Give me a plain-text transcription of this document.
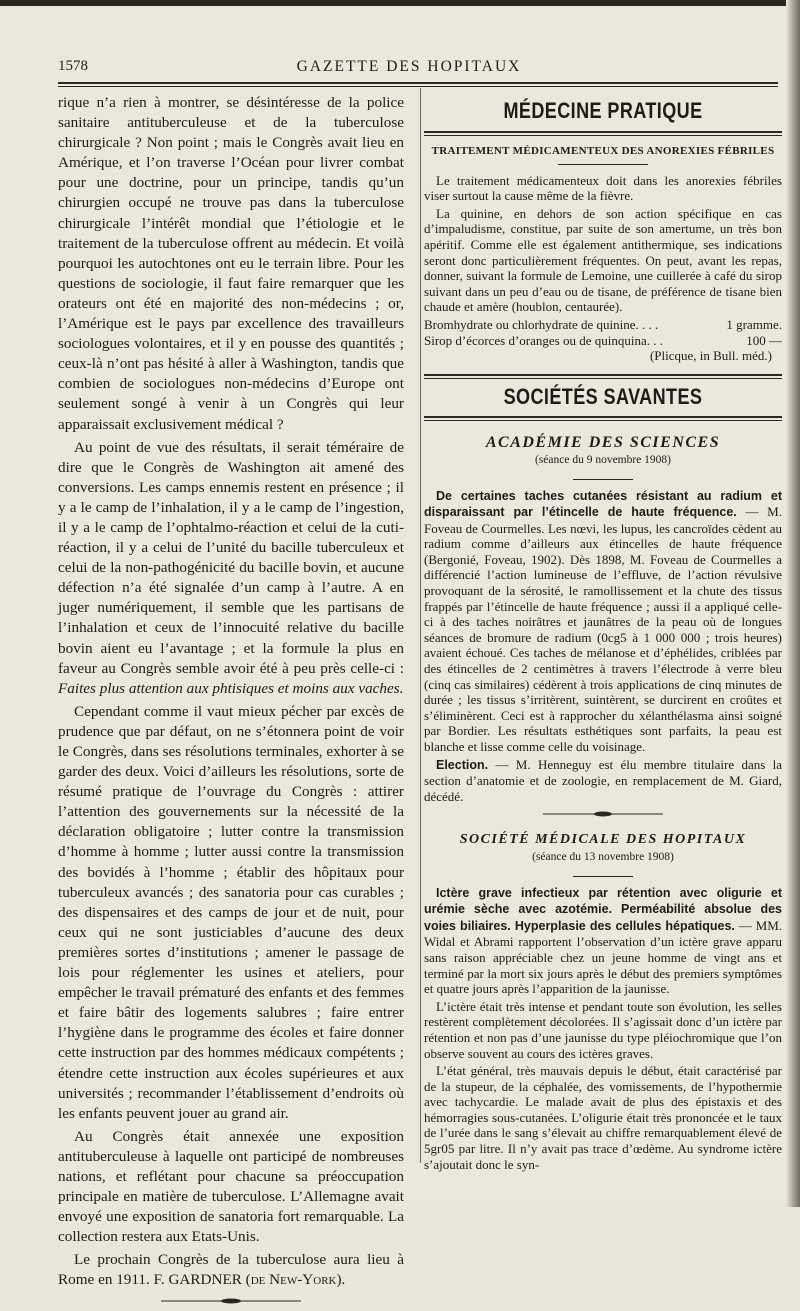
1578	GAZETTE DES HOPITAUX

rique n’a rien à montrer, se désintéresse de la police sanitaire antituberculeuse et de la tuberculose chirurgicale ? Non point ; mais le Congrès avait lieu en Amérique, et l’on traverse l’Océan pour livrer combat pour une doctrine, pour un principe, tandis qu’un chirurgien occupé ne trouve pas dans la tuberculose chirurgicale l’intérêt mondial que l’étiologie et le traitement de la tuberculose offrent au médecin. Et voilà pourquoi les autochtones ont eu le terrain libre. Pour les questions de sociologie, il faut faire remarquer que les orateurs ont été en majorité des non-médecins ; or, l’Amérique est le pays par excellence des travailleurs sociologues volontaires, et il y en pousse des quantités ; ceux-là n’ont pas hésité à aller à Washington, tandis que combien de sociologues non-médecins d’Europe ont seulement songé à venir à un Congrès qui leur apparaissait exclusivement médical ?

Au point de vue des résultats, il serait téméraire de dire que le Congrès de Washington ait amené des conversions. Les camps ennemis restent en présence ; il y a le camp de l’inhalation, il y a le camp de l’ingestion, il y a le camp de l’ophtalmo-réaction et celui de la cuti-réaction, il y a celui de l’unité du bacille tuberculeux et celui de la non-pathogénicité du bacille bovin, et aucune défection n’a été signalée d’un camp à l’autre. A en juger numériquement, il semble que les partisans de l’inhalation et ceux de l’innocuité relative du bacille bovin aient eu l’avantage ; et la formule la plus en faveur au Congrès semble avoir été à peu près celle-ci : Faites plus attention aux phtisiques et moins aux vaches.

Cependant comme il vaut mieux pécher par excès de prudence que par défaut, on ne s’étonnera point de voir le Congrès, dans ses résolutions terminales, exhorter à se garder des deux. Voici d’ailleurs les résolutions, sorte de résumé pratique de l’ouvrage du Congrès : attirer l’attention des gouvernements sur la nécessité de la déclaration obligatoire ; lutter contre la transmission d’homme à homme ; lutter aussi contre la transmission des bovidés à l’homme ; établir des hôpitaux pour tuberculeux avancés ; des sanatoria pour cas curables ; des dispensaires et des camps de jour et de nuit, pour ceux qui ne sont justiciables d’aucune des deux premières sortes d’institutions ; amener le passage de lois pour réglementer les usines et ateliers, pour empêcher le travail prématuré des enfants et des femmes et faire bâtir des logements salubres ; faire entrer l’hygiène dans le programme des écoles et faire donner cette instruction par des hommes médicaux compétents ; étendre cette instruction aux écoles supérieures et aux universités ; recommander l’établissement d’endroits où les enfants peuvent jouer au grand air.

Au Congrès était annexée une exposition antituberculeuse à laquelle ont participé de nombreuses nations, et reflétant pour chacune sa préoccupation principale en matière de tuberculose. L’Allemagne avait envoyé une exposition de sanatoria fort remarquable. La collection restera aux Etats-Unis.

Le prochain Congrès de la tuberculose aura lieu à Rome en 1911. F. GARDNER (de New-York).

MÉDECINE PRATIQUE
TRAITEMENT MÉDICAMENTEUX DES ANOREXIES FÉBRILES

Le traitement médicamenteux doit dans les anorexies fébriles viser surtout la cause même de la fièvre.

La quinine, en dehors de son action spécifique en cas d’impaludisme, constitue, par suite de son amertume, un très bon apéritif. Comme elle est également antithermique, ses indications seront donc particulièrement fréquentes. On peut, avant les repas, donner, suivant la formule de Lemoine, une cuillerée à café du sirop suivant dans un peu d’eau ou de tisane, de préférence de tisane bien chaude et amère (houblon, centaurée).

Bromhydrate ou chlorhydrate de quinine. . . .	1 gramme.
Sirop d’écorces d’oranges ou de quinquina. . .	100 —
(Plicque, in Bull. méd.)
SOCIÉTÉS SAVANTES
ACADÉMIE DES SCIENCES
(séance du 9 novembre 1908)

De certaines taches cutanées résistant au radium et disparaissant par l’étincelle de haute fréquence. — M. Foveau de Courmelles. Les nœvi, les lupus, les cancroïdes cèdent au radium comme d’ailleurs aux étincelles de haute fréquence (Bergonié, Foveau, 1902). Dès 1898, M. Foveau de Courmelles a différencié l’action lumineuse de l’effluve, de l’action révulsive provoquant de la sérosité, le ramollissement et la chute des tissus frappés par l’étincelle de haute fréquence ; aussi il a appliqué celle-ci à des taches noirâtres et jaunâtres de la peau où de longues séances de bromure de radium (0cg5 à 1 000 000 ; trois heures) avaient échoué. Ces taches de mélanose et d’éphélides, criblées par des étincelles de 2 centimètres à travers l’électrode à verre bleu (cinq cas similaires) cédèrent à trois applications de cinq minutes de durée ; les tissus s’irritèrent, suintèrent, se durcirent en croûtes et s’éliminèrent. Ceci est à rapprocher du xélanthélasma ainsi soigné par Bordier. Les résultats esthétiques sont parfaits, la peau est blanche et lisse comme celle du voisinage.

Election. — M. Henneguy est élu membre titulaire dans la section d’anatomie et de zoologie, en remplacement de M. Giard, décédé.

SOCIÉTÉ MÉDICALE DES HOPITAUX
(séance du 13 novembre 1908)

Ictère grave infectieux par rétention avec oligurie et urémie sèche avec azotémie. Perméabilité absolue des voies biliaires. Hyperplasie des cellules hépatiques. — MM. Widal et Abrami rapportent l’observation d’un ictère grave apparu sans raison appréciable chez un jeune homme de vingt ans et terminé par la mort six jours après le début des premiers symptômes et quatre jours après l’apparition de la jaunisse.

L’ictère était très intense et pendant toute son évolution, les selles restèrent complètement décolorées. Il s’agissait donc d’un ictère par rétention et non pas d’une jaunisse du type pléiochromique que l’on observe souvent au cours des ictères graves.

L’état général, très mauvais depuis le début, était caractérisé par de la stupeur, de la céphalée, des vomissements, de l’hypothermie avec tachycardie. Le malade avait de plus des épistaxis et des hémorragies sous-cutanées. L’oligurie était très prononcée et le taux de l’urée dans le sang s’élevait au chiffre remarquablement élevé de 5gr05 par litre. Il n’y avait pas trace d’œdème. Au syndrome ictère s’ajoutait donc le syn-
